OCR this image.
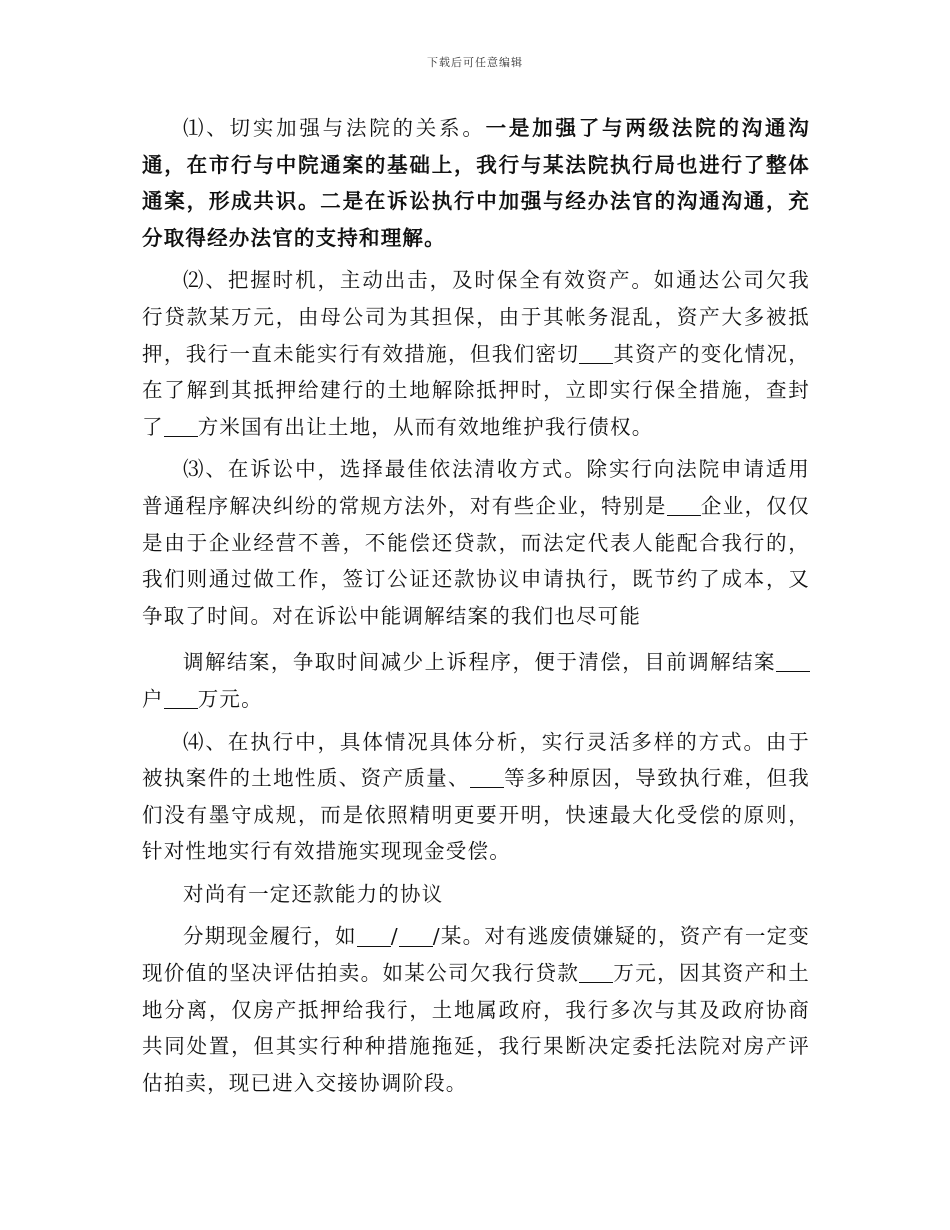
下载后可任意编辑

⑴、切实加强与法院的关系。一是加强了与两级法院的沟通沟通，在市行与中院通案的基础上，我行与某法院执行局也进行了整体通案，形成共识。二是在诉讼执行中加强与经办法官的沟通沟通，充分取得经办法官的支持和理解。

⑵、把握时机，主动出击，及时保全有效资产。如通达公司欠我行贷款某万元，由母公司为其担保，由于其帐务混乱，资产大多被抵押，我行一直未能实行有效措施，但我们密切 其资产的变化情况，在了解到其抵押给建行的土地解除抵押时，立即实行保全措施，查封了 方米国有出让土地，从而有效地维护我行债权。

⑶、在诉讼中，选择最佳依法清收方式。除实行向法院申请适用普通程序解决纠纷的常规方法外，对有些企业，特别是 企业，仅仅是由于企业经营不善，不能偿还贷款，而法定代表人能配合我行的，我们则通过做工作，签订公证还款协议申请执行，既节约了成本，又争取了时间。对在诉讼中能调解结案的我们也尽可能

调解结案，争取时间减少上诉程序，便于清偿，目前调解结案户 万元。

⑷、在执行中，具体情况具体分析，实行灵活多样的方式。由于被执案件的土地性质、资产质量、 等多种原因，导致执行难，但我们没有墨守成规，而是依照精明更要开明，快速最大化受偿的原则，针对性地实行有效措施实现现金受偿。

对尚有一定还款能力的协议

分期现金履行，如 / /某。对有逃废债嫌疑的，资产有一定变现价值的坚决评估拍卖。如某公司欠我行贷款 万元，因其资产和土地分离，仅房产抵押给我行，土地属政府，我行多次与其及政府协商共同处置，但其实行种种措施拖延，我行果断决定委托法院对房产评估拍卖，现已进入交接协调阶段。
